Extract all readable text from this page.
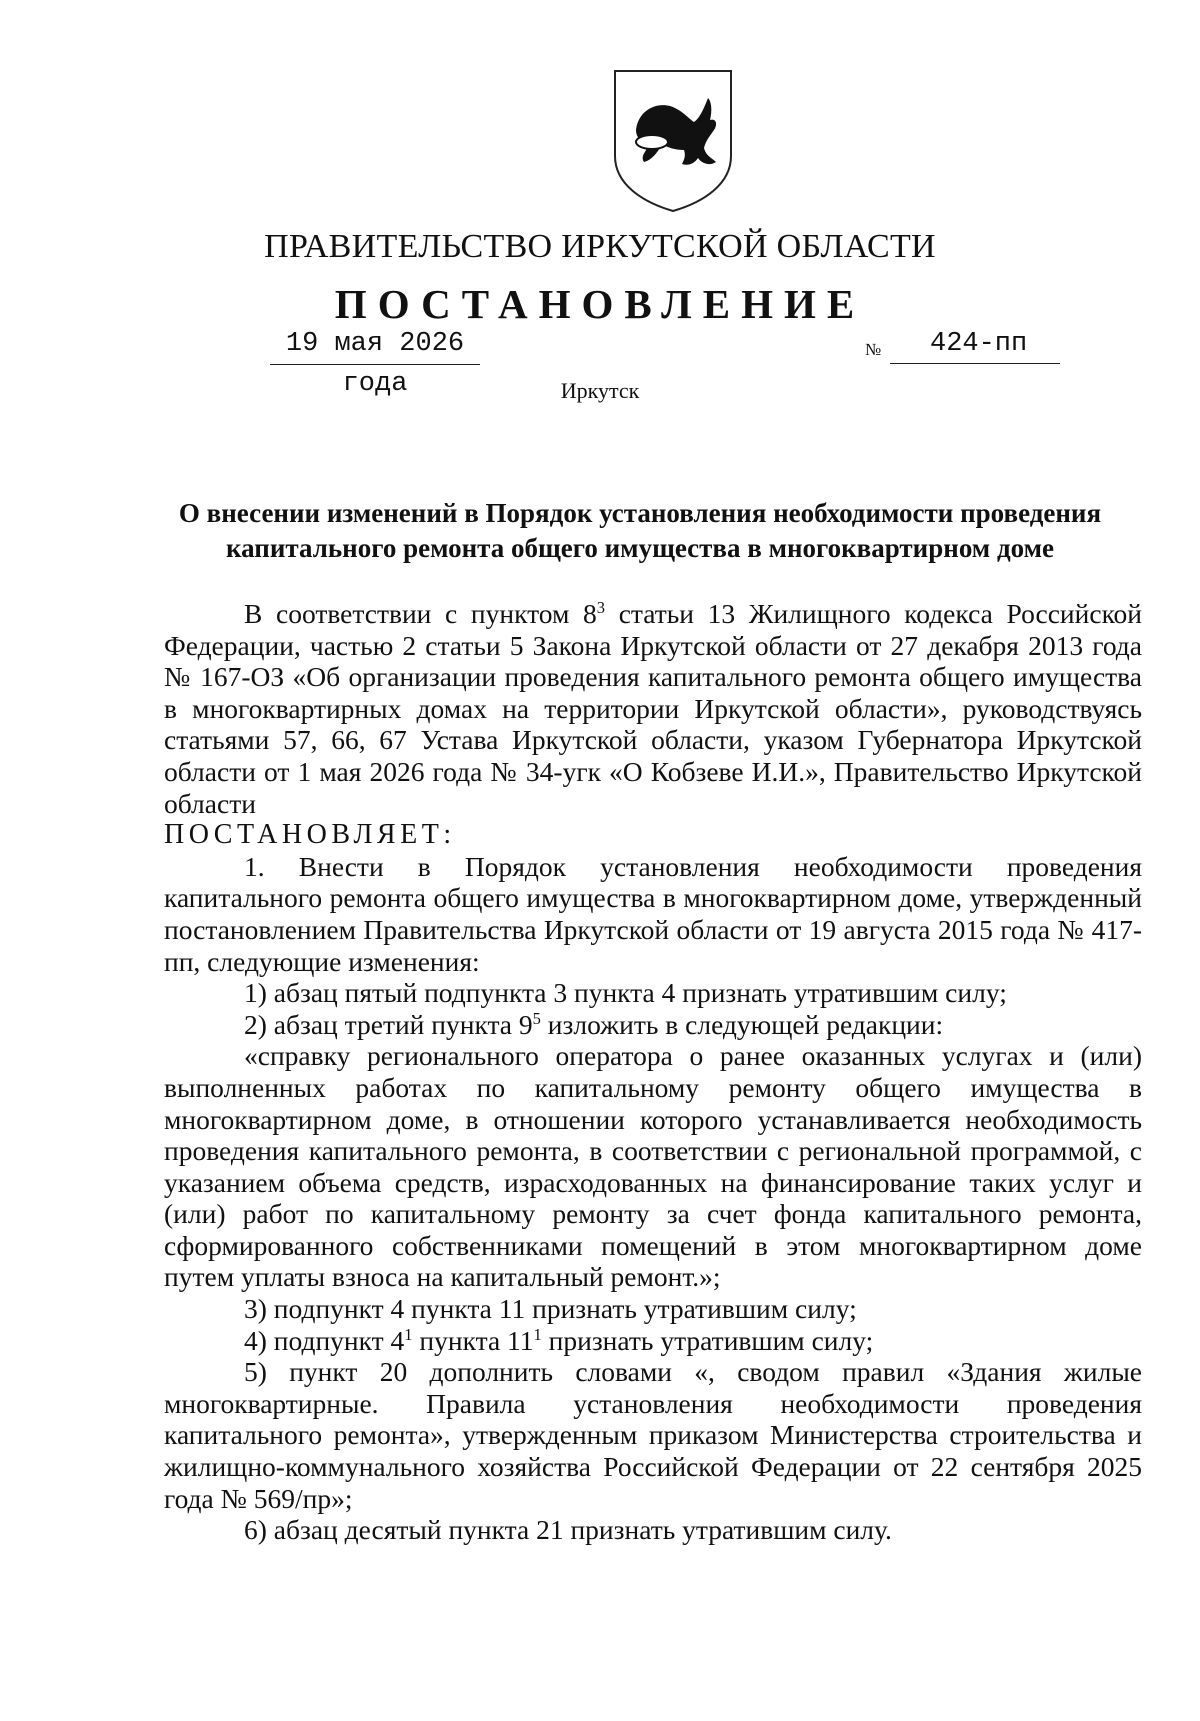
ПРАВИТЕЛЬСТВО ИРКУТСКОЙ ОБЛАСТИ
ПОСТАНОВЛЕНИЕ
19 мая 2026 года
№	424-пп
Иркутск
О внесении изменений в Порядок установления необходимости проведения
капитального ремонта общего имущества в многоквартирном доме

В соответствии с пунктом $8^3$ статьи 13 Жилищного кодекса Российской Федерации, частью 2 статьи 5 Закона Иркутской области от 27 декабря 2013 года № 167-ОЗ «Об организации проведения капитального ремонта общего имущества в многоквартирных домах на территории Иркутской области», руководствуясь статьями 57, 66, 67 Устава Иркутской области, указом Губернатора Иркутской области от 1 мая 2026 года № 34-угк «О Кобзеве И.И.», Правительство Иркутской области

ПОСТАНОВЛЯЕТ:

1. Внести в Порядок установления необходимости проведения капитального ремонта общего имущества в многоквартирном доме, утвержденный постановлением Правительства Иркутской области от 19 августа 2015 года № 417-пп, следующие изменения:

1) абзац пятый подпункта 3 пункта 4 признать утратившим силу;

2) абзац третий пункта $9^5$ изложить в следующей редакции:

«справку регионального оператора о ранее оказанных услугах и (или) выполненных работах по капитальному ремонту общего имущества в многоквартирном доме, в отношении которого устанавливается необходимость проведения капитального ремонта, в соответствии с региональной программой, с указанием объема средств, израсходованных на финансирование таких услуг и (или) работ по капитальному ремонту за счет фонда капитального ремонта, сформированного собственниками помещений в этом многоквартирном доме путем уплаты взноса на капитальный ремонт.»;

3) подпункт 4 пункта 11 признать утратившим силу;

4) подпункт $4^1$ пункта $11^1$ признать утратившим силу;

5) пункт 20 дополнить словами «, сводом правил «Здания жилые многоквартирные. Правила установления необходимости проведения капитального ремонта», утвержденным приказом Министерства строительства и жилищно-коммунального хозяйства Российской Федерации от 22 сентября 2025 года № 569/пр»;

6) абзац десятый пункта 21 признать утратившим силу.
